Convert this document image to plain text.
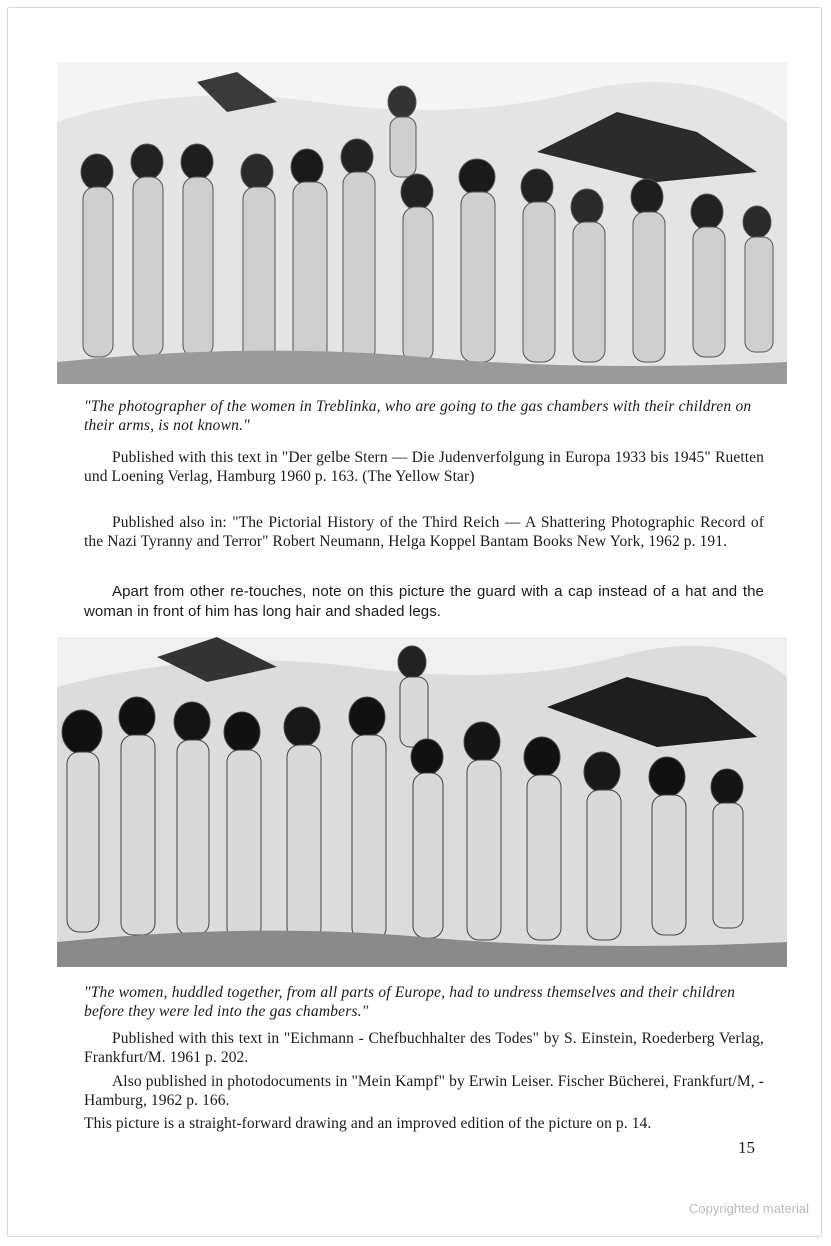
"The photographer of the women in Treblinka, who are going to the gas chambers with their children on their arms, is not known."
Published with this text in "Der gelbe Stern — Die Judenverfolgung in Europa 1933 bis 1945" Ruetten und Loening Verlag, Hamburg 1960 p. 163. (The Yellow Star)
Published also in: "The Pictorial History of the Third Reich — A Shattering Photographic Record of the Nazi Tyranny and Terror" Robert Neumann, Helga Koppel Bantam Books New York, 1962 p. 191.
Apart from other re-touches, note on this picture the guard with a cap instead of a hat and the woman in front of him has long hair and shaded legs.
"The women, huddled together, from all parts of Europe, had to undress themselves and their children before they were led into the gas chambers."
Published with this text in "Eichmann - Chefbuchhalter des Todes" by S. Einstein, Roederberg Verlag, Frankfurt/M. 1961 p. 202.
Also published in photodocuments in "Mein Kampf" by Erwin Leiser. Fischer Bücherei, Frankfurt/M, - Hamburg, 1962 p. 166.
This picture is a straight-forward drawing and an improved edition of the picture on p. 14.
15
Copyrighted material
